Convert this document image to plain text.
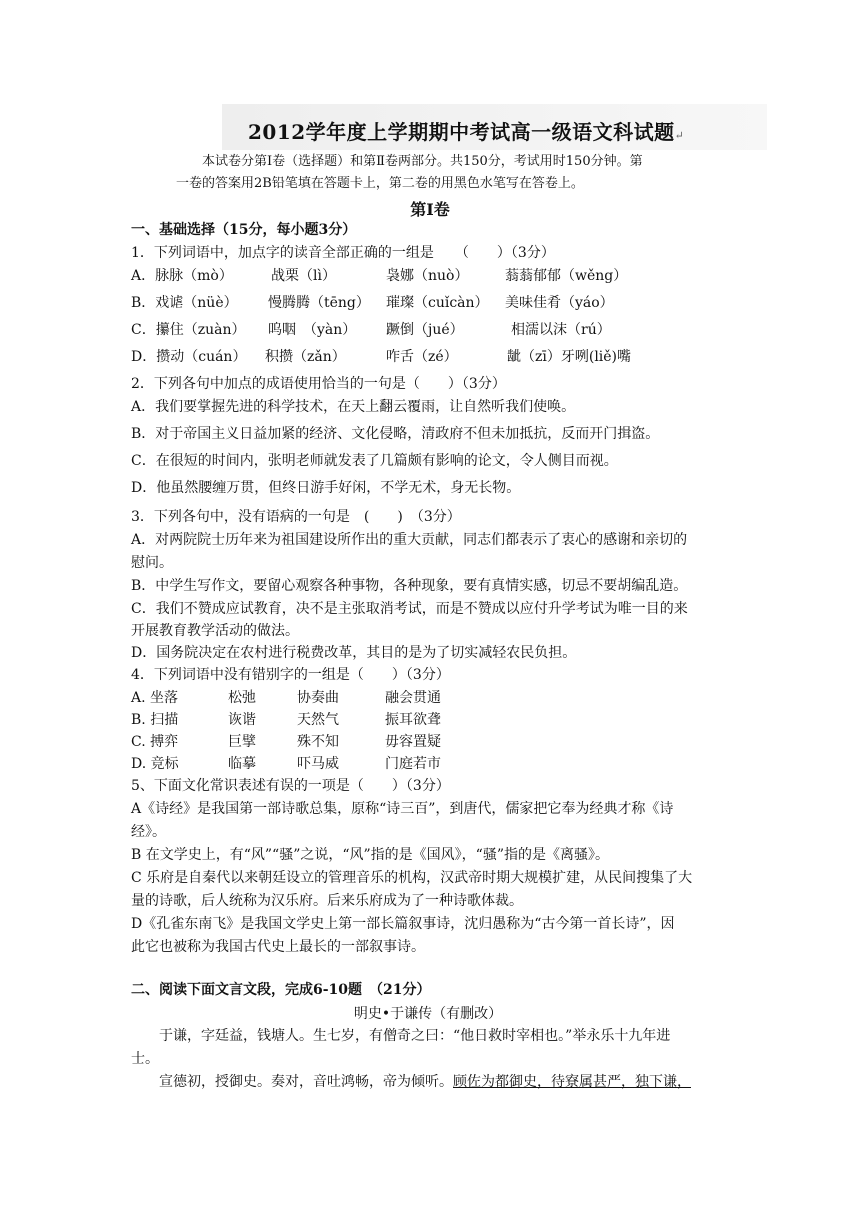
2012学年度上学期期中考试高一级语文科试题↵
本试卷分第Ⅰ卷（选择题）和第Ⅱ卷两部分。共150分，考试用时150分钟。第
一卷的答案用2B铅笔填在答题卡上，第二卷的用黑色水笔写在答卷上。
第Ⅰ卷
一、基础选择（15分，每小题3分）
1．下列词语中，加点字的读音全部正确的一组是　　（　　）（3分）
A．脉脉（mò）	战栗（lì）	袅娜（nuò）	蓊蓊郁郁（wěng）
B．戏谑（nüè） 慢腾腾（tēng） 璀璨（cuǐcàn） 美味佳肴（yáo）
C．攥住（zuàn） 呜咽　（yàn） 蹶倒（jué）	相濡以沫（rú）
D．攒动（cuán） 积攒（zǎn）	咋舌（zé）	龇（zī）牙咧(liě)嘴
2．下列各句中加点的成语使用恰当的一句是（　　）（3分）
A．我们要掌握先进的科学技术，在天上翻云覆雨，让自然听我们使唤。
B．对于帝国主义日益加紧的经济、文化侵略，清政府不但未加抵抗，反而开门揖盗。
C．在很短的时间内，张明老师就发表了几篇颇有影响的论文，令人侧目而视。
D．他虽然腰缠万贯，但终日游手好闲，不学无术，身无长物。
3．下列各句中，没有语病的一句是　(　　)　（3分）
A．对两院院士历年来为祖国建设所作出的重大贡献，同志们都表示了衷心的感谢和亲切的
慰问。
B．中学生写作文，要留心观察各种事物，各种现象，要有真情实感，切忌不要胡编乱造。
C．我们不赞成应试教育，决不是主张取消考试，而是不赞成以应付升学考试为唯一目的来
开展教育教学活动的做法。
D．国务院决定在农村进行税费改革，其目的是为了切实减轻农民负担。
4．下列词语中没有错别字的一组是（　　）（3分）
A. 坐落	松弛	协奏曲	融会贯通
B. 扫描	诙谐	天然气	振耳欲聋
C. 搏弈	巨擘	殊不知	毋容置疑
D. 竞标	临摹	吓马威	门庭若市
5、下面文化常识表述有误的一项是（　　）（3分）
A《诗经》是我国第一部诗歌总集，原称“诗三百”，到唐代，儒家把它奉为经典才称《诗
经》。
B 在文学史上，有“风”“骚”之说，“风”指的是《国风》，“骚”指的是《离骚》。
C 乐府是自秦代以来朝廷设立的管理音乐的机构，汉武帝时期大规模扩建，从民间搜集了大
量的诗歌，后人统称为汉乐府。后来乐府成为了一种诗歌体裁。
D《孔雀东南飞》是我国文学史上第一部长篇叙事诗，沈归愚称为“古今第一首长诗”，因
此它也被称为我国古代史上最长的一部叙事诗。
二、阅读下面文言文段，完成6-10题　（21分）
明史•于谦传（有删改）
于谦，字廷益，钱塘人。生七岁，有僧奇之曰：“他日救时宰相也。”举永乐十九年进
士。
宣德初，授御史。奏对，音吐鸿畅，帝为倾听。顾佐为都御史，待寮属甚严，独下谦，
